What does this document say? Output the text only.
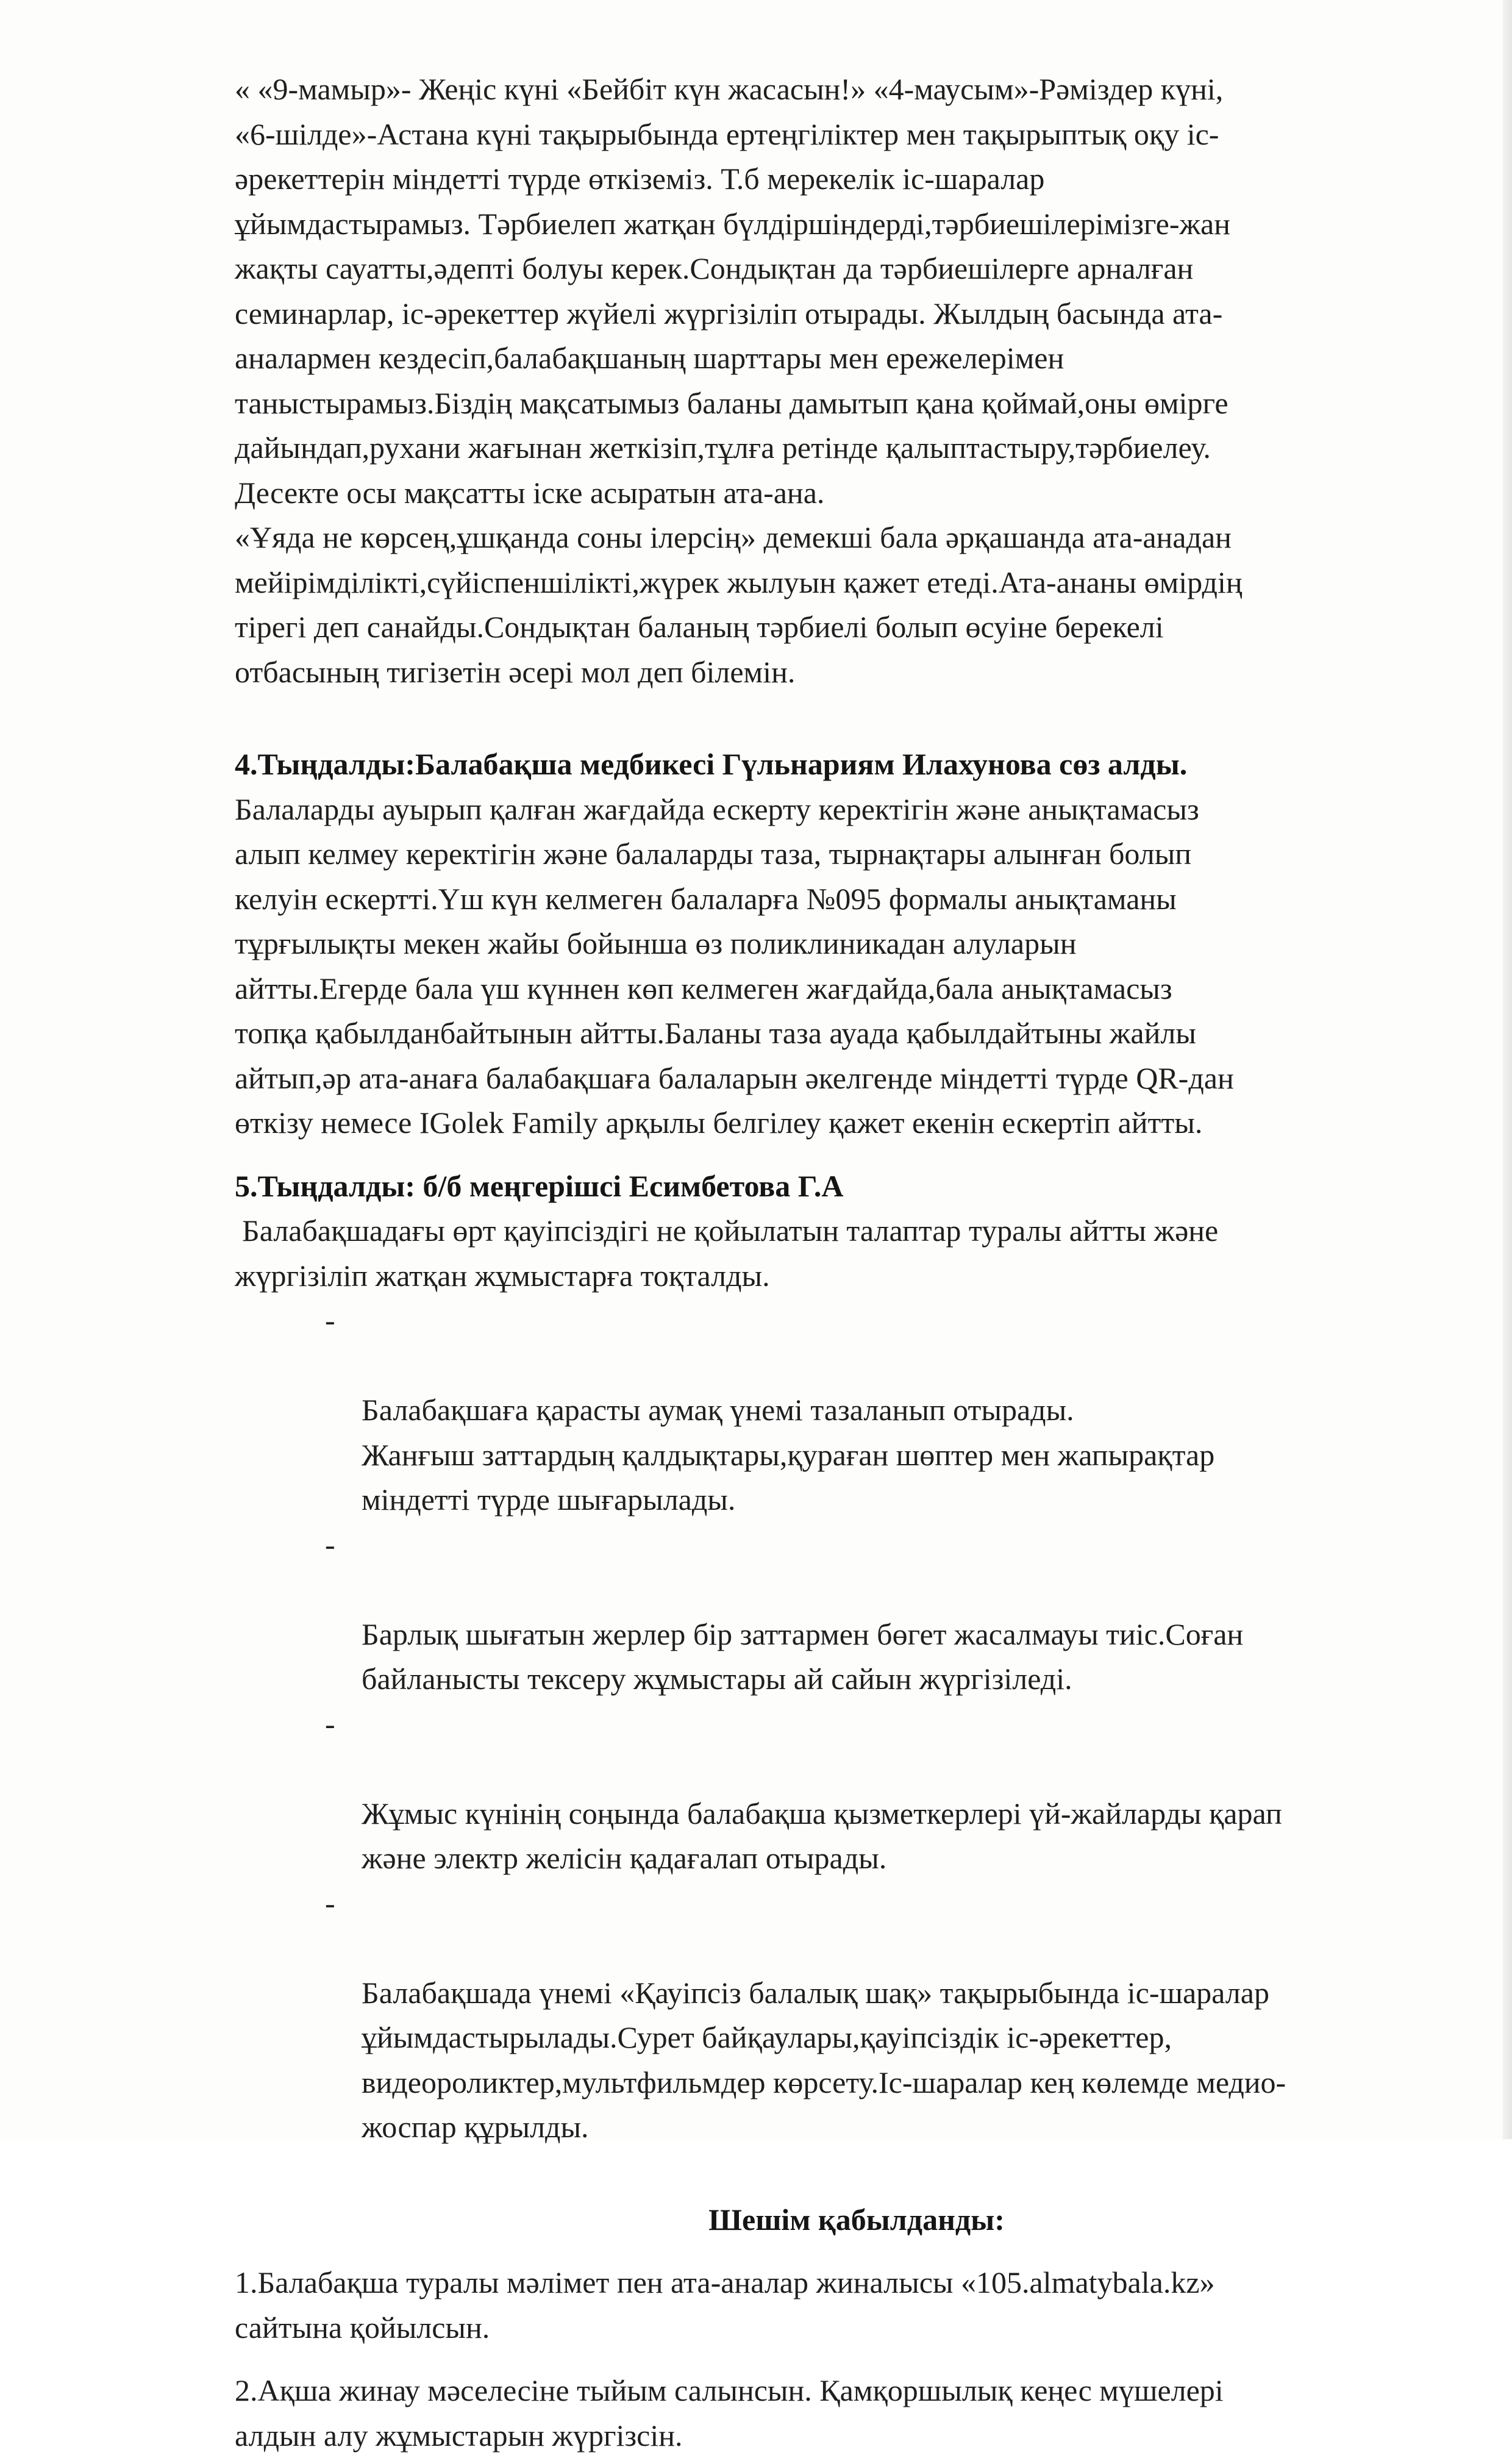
« «9-мамыр»- Жеңіс күні «Бейбіт күн жасасын!» «4-маусым»-Рәміздер күні,
«6-шілде»-Астана күні тақырыбында ертеңгіліктер мен тақырыптық оқу іс-
әрекеттерін міндетті түрде өткіземіз. Т.б мерекелік іс-шаралар
ұйымдастырамыз. Тәрбиелеп жатқан бүлдіршіндерді,тәрбиешілерімізге-жан
жақты сауатты,әдепті болуы керек.Сондықтан да тәрбиешілерге арналған
семинарлар, іс-әрекеттер жүйелі жүргізіліп отырады. Жылдың басында ата-
аналармен кездесіп,балабақшаның шарттары мен ережелерімен
таныстырамыз.Біздің мақсатымыз баланы дамытып қана қоймай,оны өмірге
дайындап,рухани жағынан жеткізіп,тұлға ретінде қалыптастыру,тәрбиелеу.
Десекте осы мақсатты іске асыратын ата-ана.

«Ұяда не көрсең,ұшқанда соны ілерсің» демекші бала әрқашанда ата-анадан
мейірімділікті,сүйіспеншілікті,жүрек жылуын қажет етеді.Ата-ананы өмірдің
тірегі деп санайды.Сондықтан баланың тәрбиелі болып өсуіне берекелі
отбасының тигізетін әсері мол деп білемін.

4.Тыңдалды:Балабақша медбикесі Гүльнариям Илахунова сөз алды.

Балаларды ауырып қалған жағдайда ескерту керектігін және анықтамасыз
алып келмеу керектігін және балаларды таза, тырнақтары алынған болып
келуін ескертті.Үш күн келмеген балаларға №095 формалы анықтаманы
тұрғылықты мекен жайы бойынша өз поликлиникадан алуларын
айтты.Егерде бала үш күннен көп келмеген жағдайда,бала анықтамасыз
топқа қабылданбайтынын айтты.Баланы таза ауада қабылдайтыны жайлы
айтып,әр ата-анаға балабақшаға балаларын әкелгенде міндетті түрде QR-дан
өткізу немесе IGolek Family арқылы белгілеу қажет екенін ескертіп айтты.

5.Тыңдалды: б/б меңгерішсі Есимбетова Г.А

Балабақшадағы өрт қауіпсіздігі не қойылатын талаптар туралы айтты және
жүргізіліп жатқан жұмыстарға тоқталды.

-

Балабақшаға қарасты аумақ үнемі тазаланып отырады.
Жанғыш заттардың қалдықтары,қураған шөптер мен жапырақтар
міндетті түрде шығарылады.

-

Барлық шығатын жерлер бір заттармен бөгет жасалмауы тиіс.Соған
байланысты тексеру жұмыстары ай сайын жүргізіледі.

-

Жұмыс күнінің соңында балабақша қызметкерлері үй-жайларды қарап
және электр желісін қадағалап отырады.

-

Балабақшада үнемі «Қауіпсіз балалық шақ» тақырыбында іс-шаралар
ұйымдастырылады.Сурет байқаулары,қауіпсіздік іс-әрекеттер,
видеороликтер,мультфильмдер көрсету.Іс-шаралар кең көлемде медио-
жоспар құрылды.

Шешім қабылданды:

1.Балабақша туралы мәлімет пен ата-аналар жиналысы «105.almatybala.kz»
сайтына қойылсын.

2.Ақша жинау мәселесіне тыйым салынсын. Қамқоршылық кеңес мүшелері
алдын алу жұмыстарын жүргізсін.
